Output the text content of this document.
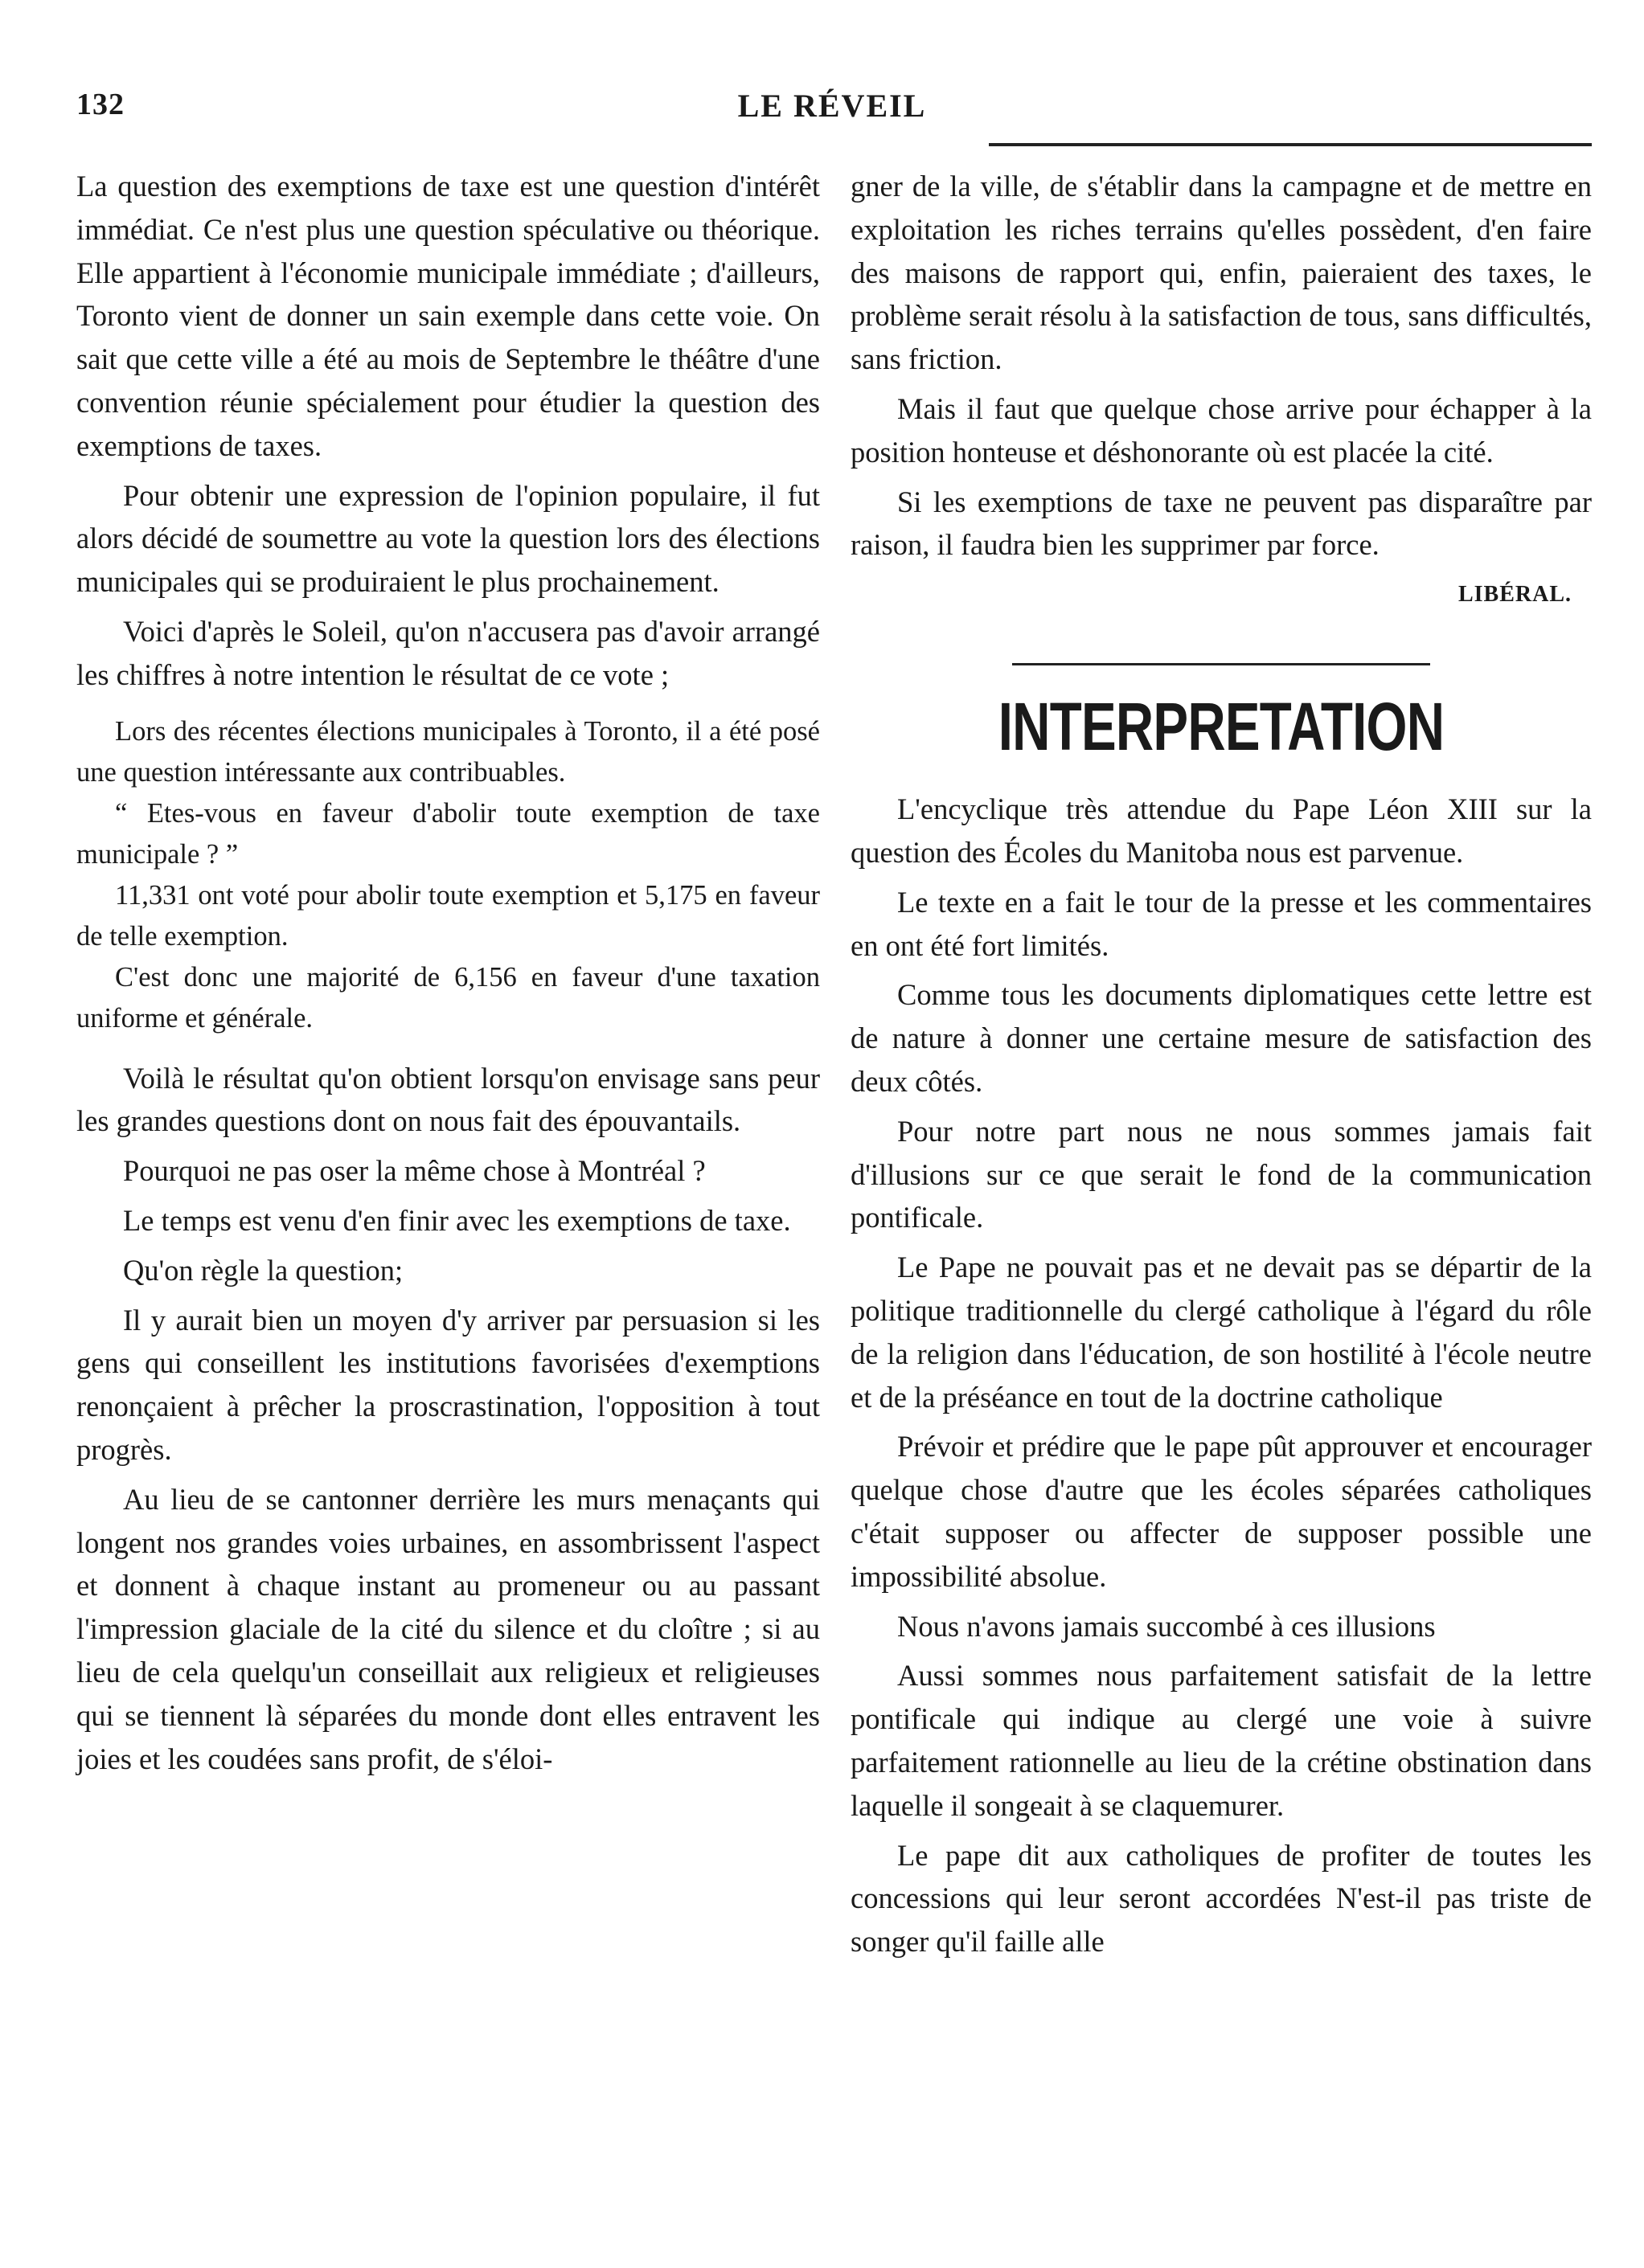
132	LE RÉVEIL

La question des exemptions de taxe est une question d'intérêt immédiat. Ce n'est plus une question spéculative ou théorique. Elle appartient à l'économie municipale immédiate ; d'ailleurs, Toronto vient de donner un sain exemple dans cette voie. On sait que cette ville a été au mois de Septembre le théâtre d'une convention réunie spécialement pour étudier la question des exemptions de taxes.

Pour obtenir une expression de l'opinion populaire, il fut alors décidé de soumettre au vote la question lors des élections municipales qui se produiraient le plus prochainement.

Voici d'après le Soleil, qu'on n'accusera pas d'avoir arrangé les chiffres à notre intention le résultat de ce vote ;

Lors des récentes élections municipales à Toronto, il a été posé une question intéressante aux contribuables.

“ Etes-vous en faveur d'abolir toute exemption de taxe municipale ? ”

11,331 ont voté pour abolir toute exemption et 5,175 en faveur de telle exemption.

C'est donc une majorité de 6,156 en faveur d'une taxation uniforme et générale.

Voilà le résultat qu'on obtient lorsqu'on envisage sans peur les grandes questions dont on nous fait des épouvantails.

Pourquoi ne pas oser la même chose à Montréal ?

Le temps est venu d'en finir avec les exemptions de taxe.

Qu'on règle la question;

Il y aurait bien un moyen d'y arriver par persuasion si les gens qui conseillent les institutions favorisées d'exemptions renonçaient à prêcher la proscrastination, l'opposition à tout progrès.

Au lieu de se cantonner derrière les murs menaçants qui longent nos grandes voies urbaines, en assombrissent l'aspect et donnent à chaque instant au promeneur ou au passant l'impression glaciale de la cité du silence et du cloître ; si au lieu de cela quelqu'un conseillait aux religieux et religieuses qui se tiennent là séparées du monde dont elles entravent les joies et les coudées sans profit, de s'éloi-

gner de la ville, de s'établir dans la campagne et de mettre en exploitation les riches terrains qu'elles possèdent, d'en faire des maisons de rapport qui, enfin, paieraient des taxes, le problème serait résolu à la satisfaction de tous, sans difficultés, sans friction.

Mais il faut que quelque chose arrive pour échapper à la position honteuse et déshonorante où est placée la cité.

Si les exemptions de taxe ne peuvent pas disparaître par raison, il faudra bien les supprimer par force.

LIBÉRAL.
INTERPRETATION

L'encyclique très attendue du Pape Léon XIII sur la question des Écoles du Manitoba nous est parvenue.

Le texte en a fait le tour de la presse et les commentaires en ont été fort limités.

Comme tous les documents diplomatiques cette lettre est de nature à donner une certaine mesure de satisfaction des deux côtés.

Pour notre part nous ne nous sommes jamais fait d'illusions sur ce que serait le fond de la communication pontificale.

Le Pape ne pouvait pas et ne devait pas se départir de la politique traditionnelle du clergé catholique à l'égard du rôle de la religion dans l'éducation, de son hostilité à l'école neutre et de la préséance en tout de la doctrine catholique

Prévoir et prédire que le pape pût approuver et encourager quelque chose d'autre que les écoles séparées catholiques c'était supposer ou affecter de supposer possible une impossibilité absolue.

Nous n'avons jamais succombé à ces illusions

Aussi sommes nous parfaitement satisfait de la lettre pontificale qui indique au clergé une voie à suivre parfaitement rationnelle au lieu de la crétine obstination dans laquelle il songeait à se claquemurer.

Le pape dit aux catholiques de profiter de toutes les concessions qui leur seront accordées N'est-il pas triste de songer qu'il faille alle
